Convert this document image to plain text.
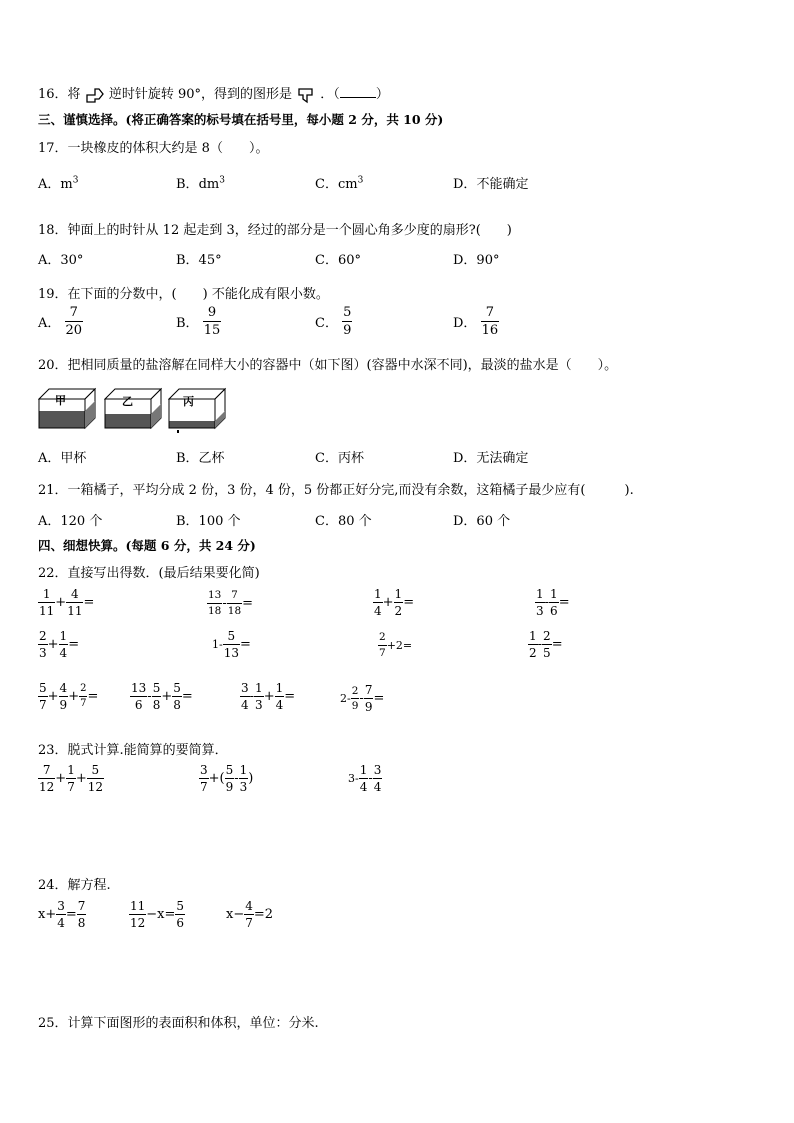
16．将 逆时针旋转 90°，得到的图形是 ．（	）
三、谨慎选择。(将正确答案的标号填在括号里，每小题 2 分，共 10 分)
17．一块橡皮的体积大约是 8（　　）。
A．$m^3$	B．$dm^3$	C．$cm^3$	D．不能确定
18．钟面上的时针从 12 起走到 3，经过的部分是一个圆心角多少度的扇形?(　　)
A．30°	B．45°	C．60°	D．90°
19．在下面的分数中，(　　) 不能化成有限小数。
A． $\frac{7}{20}$	B． $\frac{9}{15}$	C． $\frac{5}{9}$	D． $\frac{7}{16}$
20．把相同质量的盐溶解在同样大小的容器中（如下图）(容器中水深不同)，最淡的盐水是（　　）。
甲	乙	丙
A．甲杯	B．乙杯	C．丙杯	D．无法确定
21．一箱橘子，平均分成 2 份，3 份，4 份，5 份都正好分完,而没有余数，这箱橘子最少应有(　　　).
A．120 个	B．100 个	C．80 个	D．60 个
四、细想快算。(每题 6 分，共 24 分)
22．直接写出得数．(最后结果要化简)
$\frac{1}{11} + \frac{4}{11}$ =	$\frac{13}{18} - \frac{7}{18}$ =	$\frac{1}{4} + \frac{1}{2}$ =	$\frac{1}{3} - \frac{1}{6}$ =
$\frac{2}{3} + \frac{1}{4}$ =	$1- \frac{5}{13}$ =	$\frac{2}{7} +2=$	$\frac{1}{2} - \frac{2}{5}$ =
$\frac{5}{7} + \frac{4}{9} + \frac{2}{7}$ =	$\frac{13}{6} - \frac{5}{8} + \frac{5}{8}$ =	$\frac{3}{4} - \frac{1}{3} + \frac{1}{4}$ =	$2- \frac{2}{9} - \frac{7}{9}$ =
23．脱式计算.能简算的要简算．
$\frac{7}{12} + \frac{1}{7} + \frac{5}{12}$	$\frac{3}{7}$ +( $\frac{5}{9} - \frac{1}{3}$ )	$3- \frac{1}{4} - \frac{3}{4}$
24．解方程.
$x+ \frac{3}{4} = \frac{7}{8}$	$\frac{11}{12} -x= \frac{5}{6}$	$x- \frac{4}{7} =2$
25．计算下面图形的表面积和体积，单位：分米.
